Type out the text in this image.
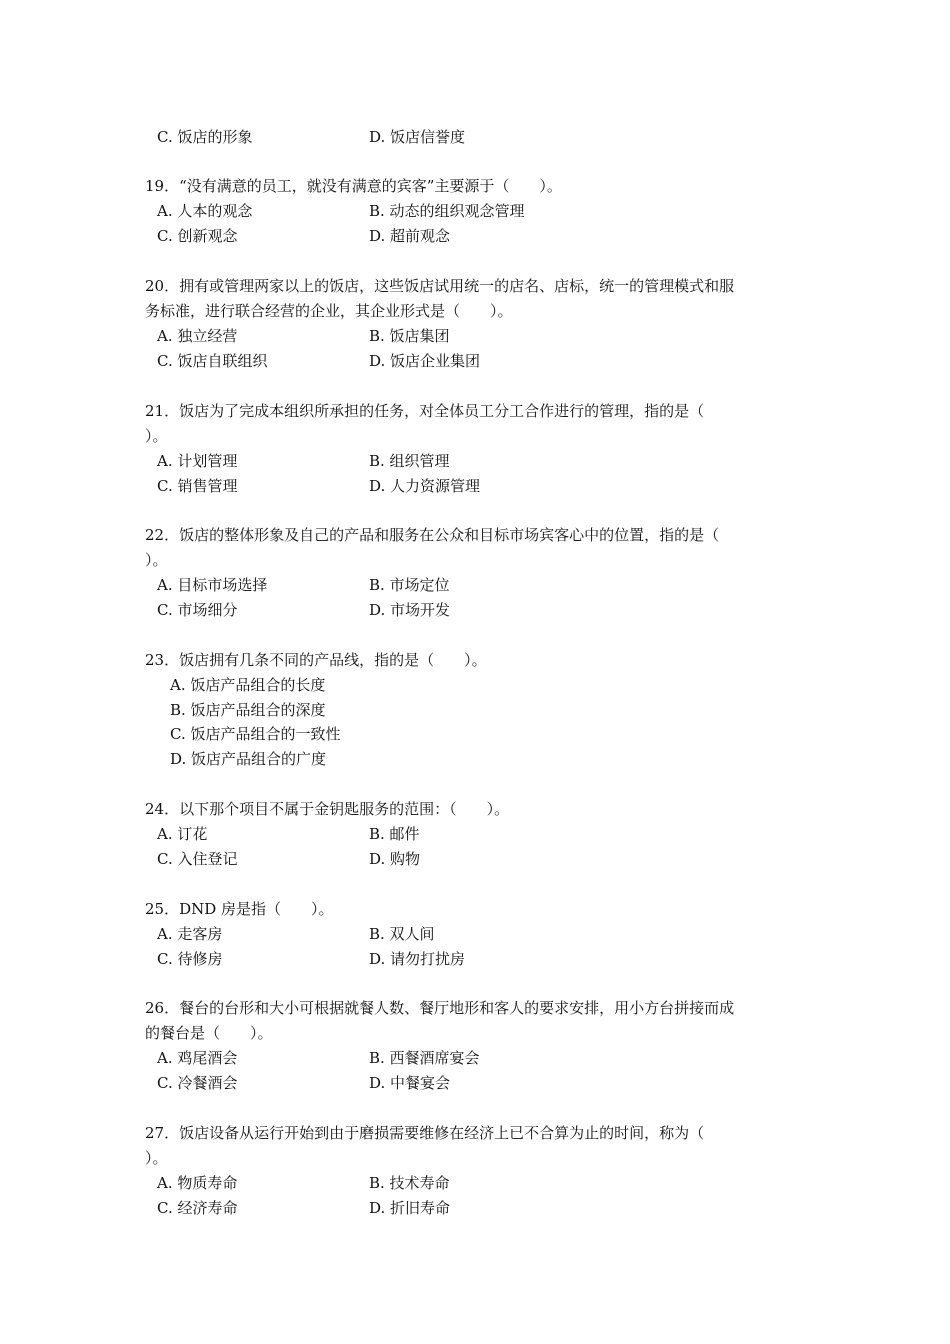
C. 饭店的形象	D. 饭店信誉度
19．“没有满意的员工，就没有满意的宾客”主要源于（　　）。
A. 人本的观念	B. 动态的组织观念管理
C. 创新观念	D. 超前观念
20．拥有或管理两家以上的饭店，这些饭店试用统一的店名、店标，统一的管理模式和服
务标准，进行联合经营的企业，其企业形式是（　　）。
A. 独立经营	B. 饭店集团
C. 饭店自联组织	D. 饭店企业集团
21．饭店为了完成本组织所承担的任务，对全体员工分工合作进行的管理，指的是（
）。
A. 计划管理	B. 组织管理
C. 销售管理	D. 人力资源管理
22．饭店的整体形象及自己的产品和服务在公众和目标市场宾客心中的位置，指的是（
）。
A. 目标市场选择	B. 市场定位
C. 市场细分	D. 市场开发
23．饭店拥有几条不同的产品线，指的是（　　）。
A. 饭店产品组合的长度
B. 饭店产品组合的深度
C. 饭店产品组合的一致性
D. 饭店产品组合的广度
24．以下那个项目不属于金钥匙服务的范围：（　　）。
A. 订花	B. 邮件
C. 入住登记	D. 购物
25．DND 房是指（　　）。
A. 走客房	B. 双人间
C. 待修房	D. 请勿打扰房
26．餐台的台形和大小可根据就餐人数、餐厅地形和客人的要求安排，用小方台拼接而成
的餐台是（　　）。
A. 鸡尾酒会	B. 西餐酒席宴会
C. 冷餐酒会	D. 中餐宴会
27．饭店设备从运行开始到由于磨损需要维修在经济上已不合算为止的时间，称为（
）。
A. 物质寿命	B. 技术寿命
C. 经济寿命	D. 折旧寿命
